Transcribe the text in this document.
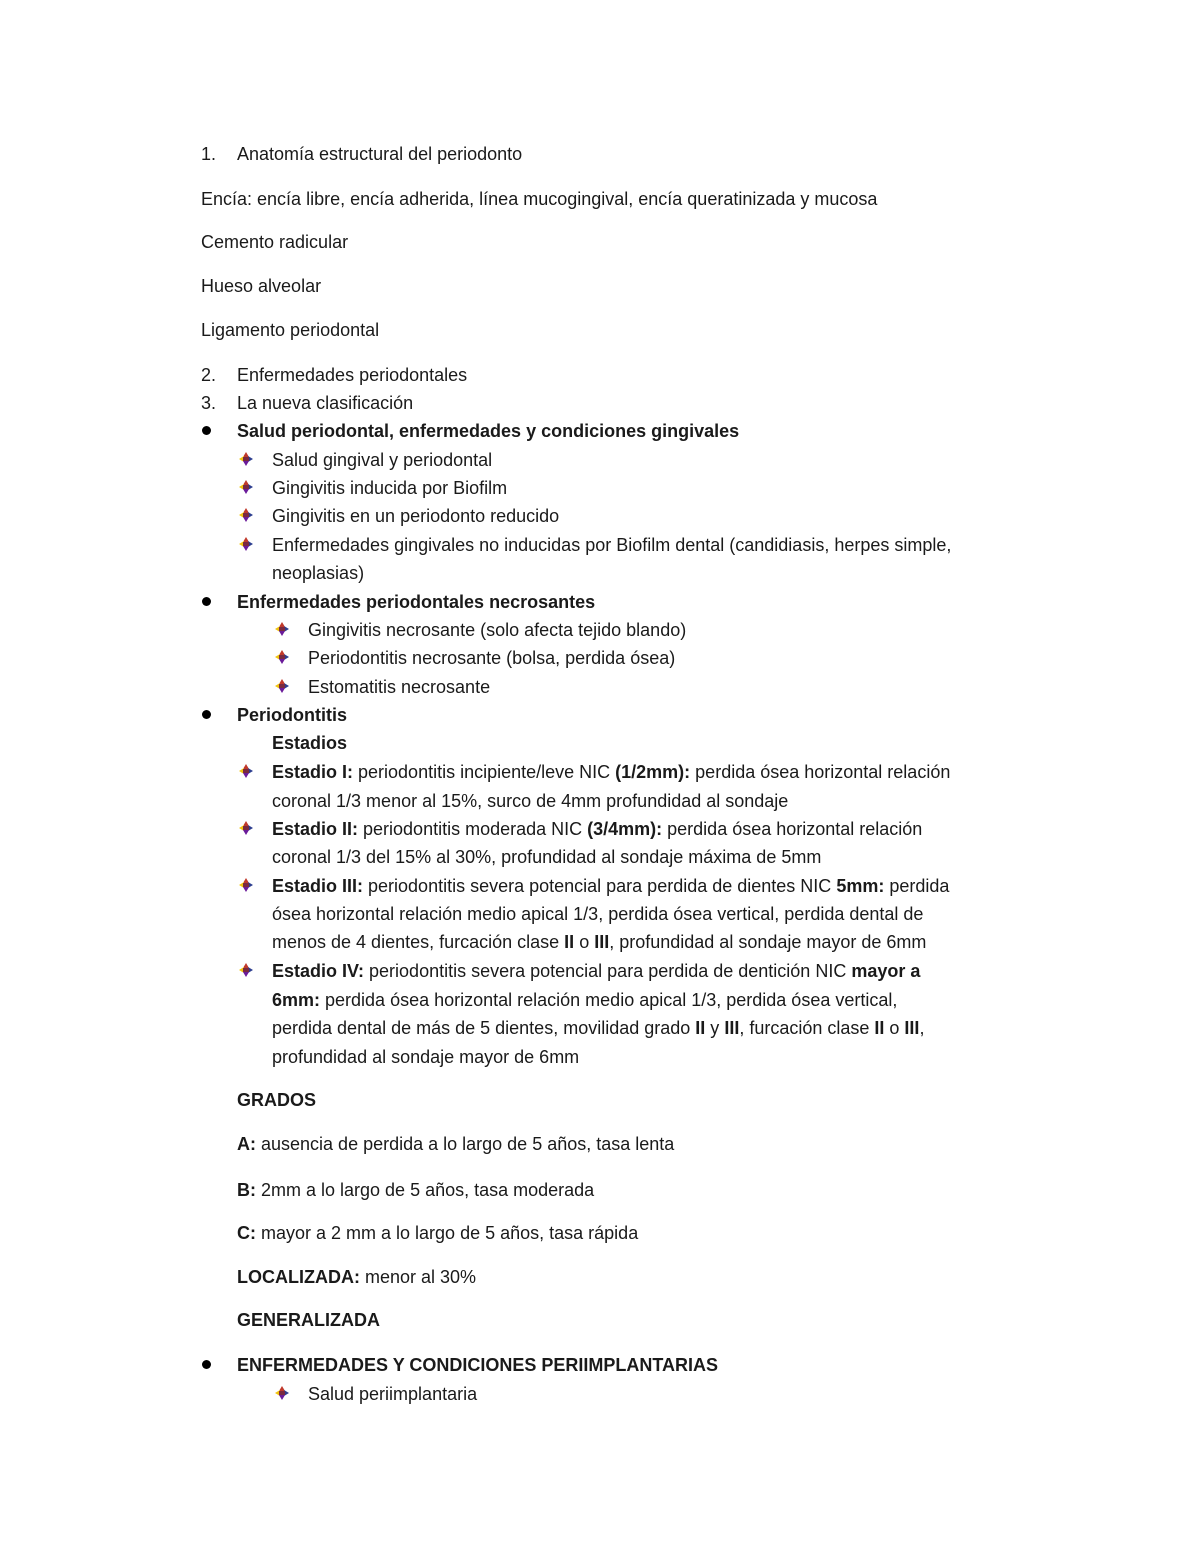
1.	Anatomía estructural del periodonto
Encía: encía libre, encía adherida, línea mucogingival, encía queratinizada y mucosa
Cemento radicular
Hueso alveolar
Ligamento periodontal
2.	Enfermedades periodontales
3.	La nueva clasificación
Salud periodontal, enfermedades y condiciones gingivales
Salud gingival y periodontal
Gingivitis inducida por Biofilm
Gingivitis en un periodonto reducido
Enfermedades gingivales no inducidas por Biofilm dental (candidiasis, herpes simple,
neoplasias)
Enfermedades periodontales necrosantes
Gingivitis necrosante (solo afecta tejido blando)
Periodontitis necrosante (bolsa, perdida ósea)
Estomatitis necrosante
Periodontitis
Estadios
Estadio I: periodontitis incipiente/leve NIC (1/2mm): perdida ósea horizontal relación
coronal 1/3 menor al 15%, surco de 4mm profundidad al sondaje
Estadio II: periodontitis moderada NIC (3/4mm): perdida ósea horizontal relación
coronal 1/3 del 15% al 30%, profundidad al sondaje máxima de 5mm
Estadio III: periodontitis severa potencial para perdida de dientes NIC 5mm: perdida
ósea horizontal relación medio apical 1/3, perdida ósea vertical, perdida dental de
menos de 4 dientes, furcación clase II o III, profundidad al sondaje mayor de 6mm
Estadio IV: periodontitis severa potencial para perdida de dentición NIC mayor a
6mm: perdida ósea horizontal relación medio apical 1/3, perdida ósea vertical,
perdida dental de más de 5 dientes, movilidad grado II y III, furcación clase II o III,
profundidad al sondaje mayor de 6mm
GRADOS
A: ausencia de perdida a lo largo de 5 años, tasa lenta
B: 2mm a lo largo de 5 años, tasa moderada
C: mayor a 2 mm a lo largo de 5 años, tasa rápida
LOCALIZADA: menor al 30%
GENERALIZADA
ENFERMEDADES Y CONDICIONES PERIIMPLANTARIAS
Salud periimplantaria
